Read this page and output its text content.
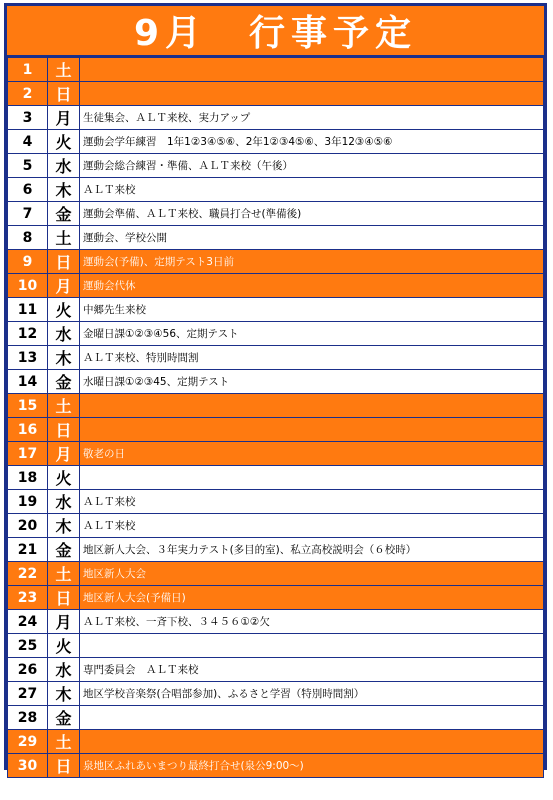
9月　行事予定
1	土	
2	日	
3	月	生徒集会、ＡＬＴ来校、実力アップ
4	火	運動会学年練習　1年1②3④⑤⑥、2年1②③4⑤⑥、3年12③④⑤⑥
5	水	運動会総合練習・準備、ＡＬＴ来校（午後）
6	木	ＡＬＴ来校
7	金	運動会準備、ＡＬＴ来校、職員打合せ(準備後)
8	土	運動会、学校公開
9	日	運動会(予備)、定期テスト3日前
10	月	運動会代休
11	火	中郷先生来校
12	水	金曜日課①②③④56、定期テスト
13	木	ＡＬＴ来校、特別時間割
14	金	水曜日課①②③45、定期テスト
15	土	
16	日	
17	月	敬老の日
18	火	
19	水	ＡＬＴ来校
20	木	ＡＬＴ来校
21	金	地区新人大会、３年実力テスト(多目的室)、私立高校説明会（６校時）
22	土	地区新人大会
23	日	地区新人大会(予備日)
24	月	ＡＬＴ来校、一斉下校、３４５６①②欠
25	火	
26	水	専門委員会　ＡＬＴ来校
27	木	地区学校音楽祭(合唱部参加)、ふるさと学習（特別時間割）
28	金	
29	土	
30	日	泉地区ふれあいまつり最終打合せ(泉公9:00～)
